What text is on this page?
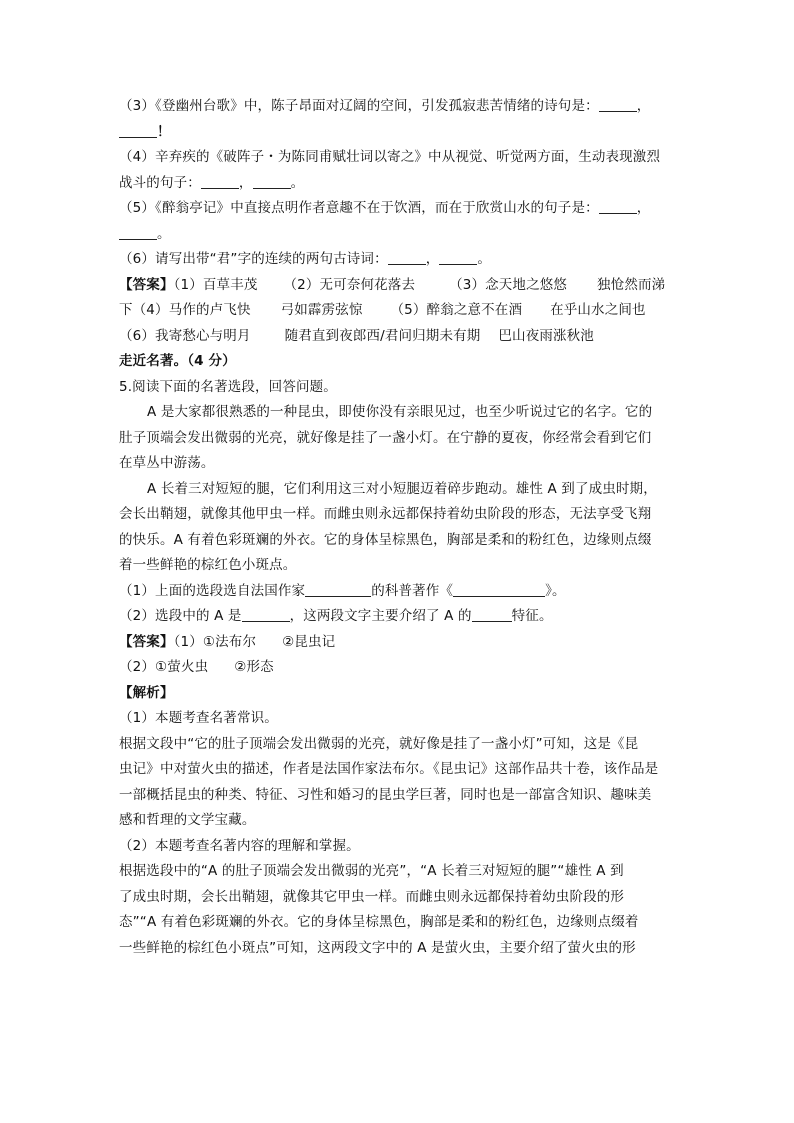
（3）《登幽州台歌》中，陈子昂面对辽阔的空间，引发孤寂悲苦情绪的诗句是：	，
！
（4）辛弃疾的《破阵子・为陈同甫赋壮词以寄之》中从视觉、听觉两方面，生动表现激烈
战斗的句子：	，	。
（5）《醉翁亭记》中直接点明作者意趣不在于饮酒，而在于欣赏山水的句子是：	，
。
（6）请写出带“君”字的连续的两句古诗词：	，	。
【答案】（1）百草丰茂 （2）无可奈何花落去	（3）念天地之悠悠 独怆然而涕
下（4）马作的卢飞快 弓如霹雳弦惊 （5）醉翁之意不在酒 在乎山水之间也
（6）我寄愁心与明月	随君直到夜郎西/君问归期未有期 巴山夜雨涨秋池
走近名著。（4 分）
5.阅读下面的名著选段，回答问题。
A 是大家都很熟悉的一种昆虫，即使你没有亲眼见过，也至少听说过它的名字。它的
肚子顶端会发出微弱的光亮，就好像是挂了一盏小灯。在宁静的夏夜，你经常会看到它们
在草丛中游荡。
A 长着三对短短的腿，它们利用这三对小短腿迈着碎步跑动。雄性 A 到了成虫时期，
会长出鞘翅，就像其他甲虫一样。而雌虫则永远都保持着幼虫阶段的形态，无法享受飞翔
的快乐。A 有着色彩斑斓的外衣。它的身体呈棕黑色，胸部是柔和的粉红色，边缘则点缀
着一些鲜艳的棕红色小斑点。
（1）上面的选段选自法国作家	的科普著作《	》。
（2）选段中的 A 是	，这两段文字主要介绍了 A 的	特征。
【答案】（1）①法布尔 ②昆虫记
（2）①萤火虫 ②形态
【解析】
（1）本题考查名著常识。
根据文段中“它的肚子顶端会发出微弱的光亮，就好像是挂了一盏小灯”可知，这是《昆
虫记》中对萤火虫的描述，作者是法国作家法布尔。《昆虫记》这部作品共十卷，该作品是
一部概括昆虫的种类、特征、习性和婚习的昆虫学巨著，同时也是一部富含知识、趣味美
感和哲理的文学宝藏。
（2）本题考查名著内容的理解和掌握。
根据选段中的“A 的肚子顶端会发出微弱的光亮”，“A 长着三对短短的腿”“雄性 A 到
了成虫时期，会长出鞘翅，就像其它甲虫一样。而雌虫则永远都保持着幼虫阶段的形
态”“A 有着色彩斑斓的外衣。它的身体呈棕黑色，胸部是柔和的粉红色，边缘则点缀着
一些鲜艳的棕红色小斑点”可知，这两段文字中的 A 是萤火虫，主要介绍了萤火虫的形
